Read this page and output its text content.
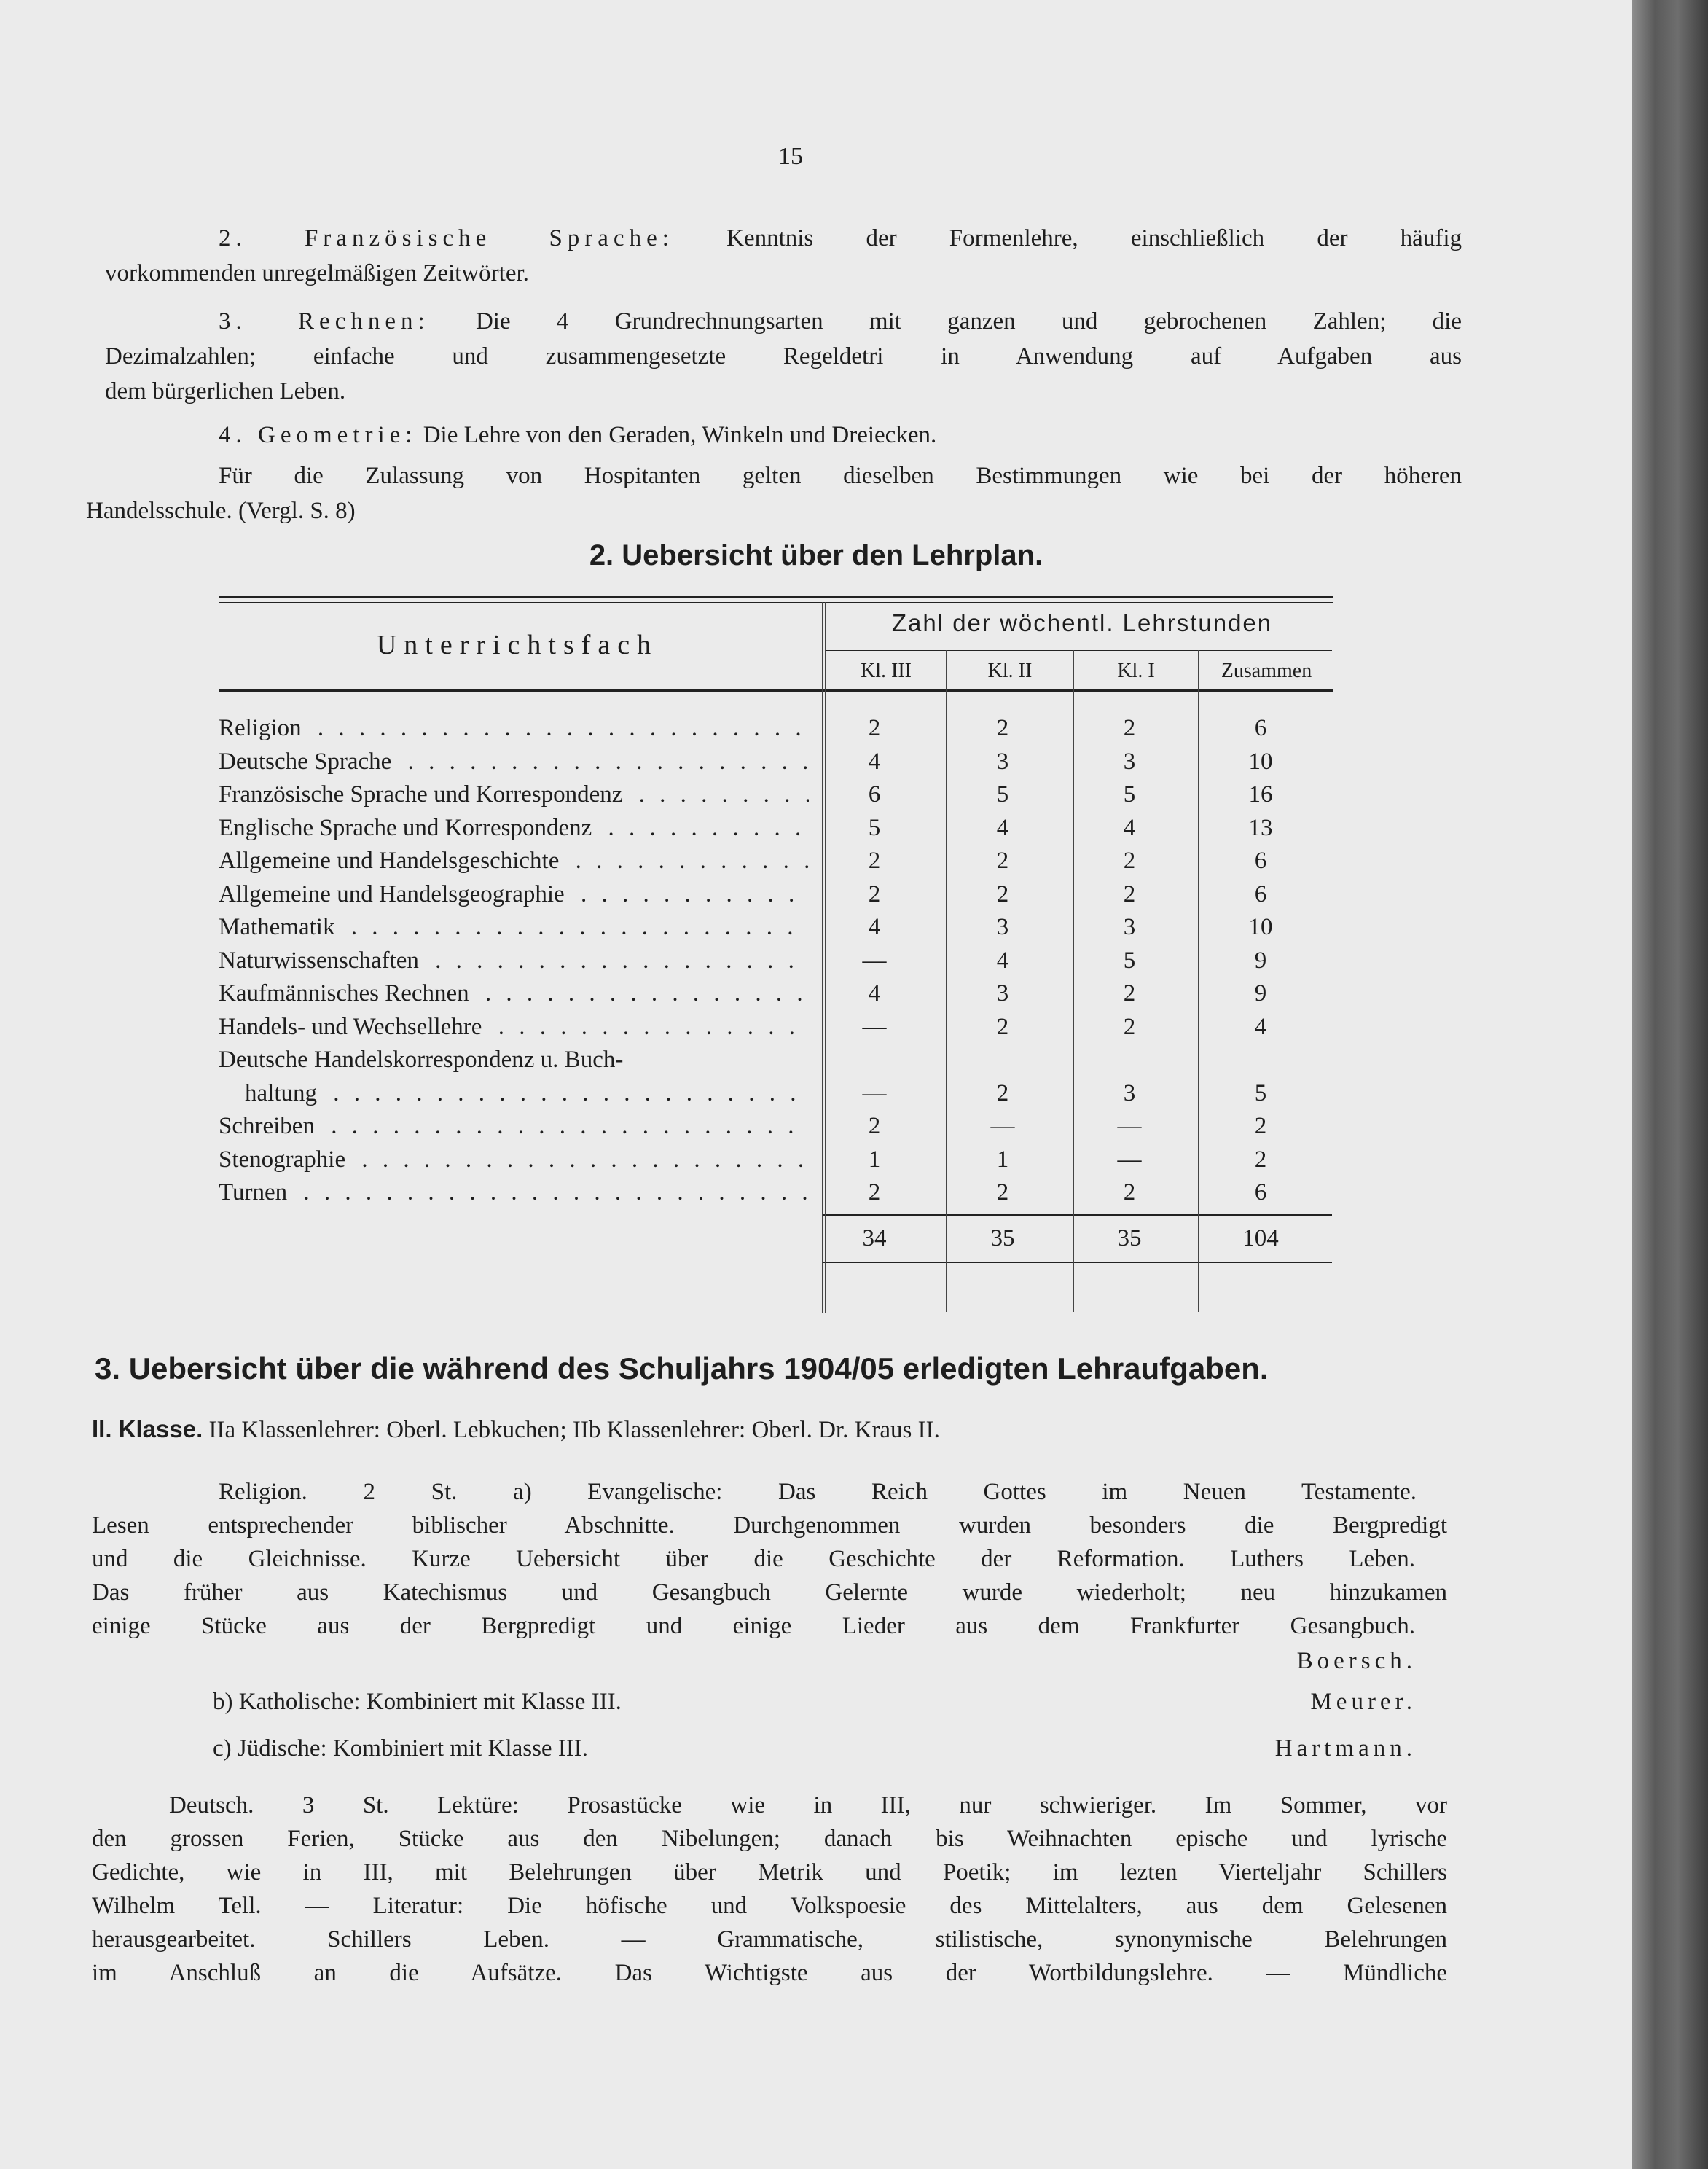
15

2. Französische Sprache: Kenntnis der Formenlehre, einschließlich der häufig

vorkommenden unregelmäßigen Zeitwörter.

3. Rechnen: Die 4 Grundrechnungsarten mit ganzen und gebrochenen Zahlen; die

Dezimalzahlen; einfache und zusammengesetzte Regeldetri in Anwendung auf Aufgaben aus

dem bürgerlichen Leben.

4. Geometrie: Die Lehre von den Geraden, Winkeln und Dreiecken.

Für die Zulassung von Hospitanten gelten dieselben Bestimmungen wie bei der höheren

Handelsschule. (Vergl. S. 8)

2. Uebersicht über den Lehrplan.
Unterrichtsfach
Zahl der wöchentl. Lehrstunden
Kl. III	Kl. II	Kl. I	Zusammen
Religion . . .	2	2	2	6
Deutsche Sprache . . .	4	3	3	10
Französische Sprache und Korrespondenz . . .	6	5	5	16
Englische Sprache und Korrespondenz . . .	5	4	4	13
Allgemeine und Handelsgeschichte . . .	2	2	2	6
Allgemeine und Handelsgeographie . . .	2	2	2	6
Mathematik . . .	4	3	3	10
Naturwissenschaften . . .	—	4	5	9
Kaufmännisches Rechnen . . .	4	3	2	9
Handels- und Wechsellehre . . .	—	2	2	4
Deutsche Handelskorrespondenz u. Buch-
haltung . . .	—	2	3	5
Schreiben . . .	2	—	—	2
Stenographie . . .	1	1	—	2
Turnen . . .	2	2	2	6
34	35	35	104
3. Uebersicht über die während des Schuljahrs 1904/05 erledigten Lehraufgaben.

II. Klasse. IIa Klassenlehrer: Oberl. Lebkuchen; IIb Klassenlehrer: Oberl. Dr. Kraus II.

Religion. 2 St. a) Evangelische: Das Reich Gottes im Neuen Testamente.

Lesen entsprechender biblischer Abschnitte. Durchgenommen wurden besonders die Bergpredigt

und die Gleichnisse. Kurze Uebersicht über die Geschichte der Reformation. Luthers Leben.

Das früher aus Katechismus und Gesangbuch Gelernte wurde wiederholt; neu hinzukamen

einige Stücke aus der Bergpredigt und einige Lieder aus dem Frankfurter Gesangbuch.

Boersch.

b) Katholische: Kombiniert mit Klasse III.	Meurer.

c) Jüdische: Kombiniert mit Klasse III.	Hartmann.

Deutsch. 3 St. Lektüre: Prosastücke wie in III, nur schwieriger. Im Sommer, vor

den grossen Ferien, Stücke aus den Nibelungen; danach bis Weihnachten epische und lyrische

Gedichte, wie in III, mit Belehrungen über Metrik und Poetik; im lezten Vierteljahr Schillers

Wilhelm Tell. — Literatur: Die höfische und Volkspoesie des Mittelalters, aus dem Gelesenen

herausgearbeitet. Schillers Leben. — Grammatische, stilistische, synonymische Belehrungen

im Anschluß an die Aufsätze. Das Wichtigste aus der Wortbildungslehre. — Mündliche
